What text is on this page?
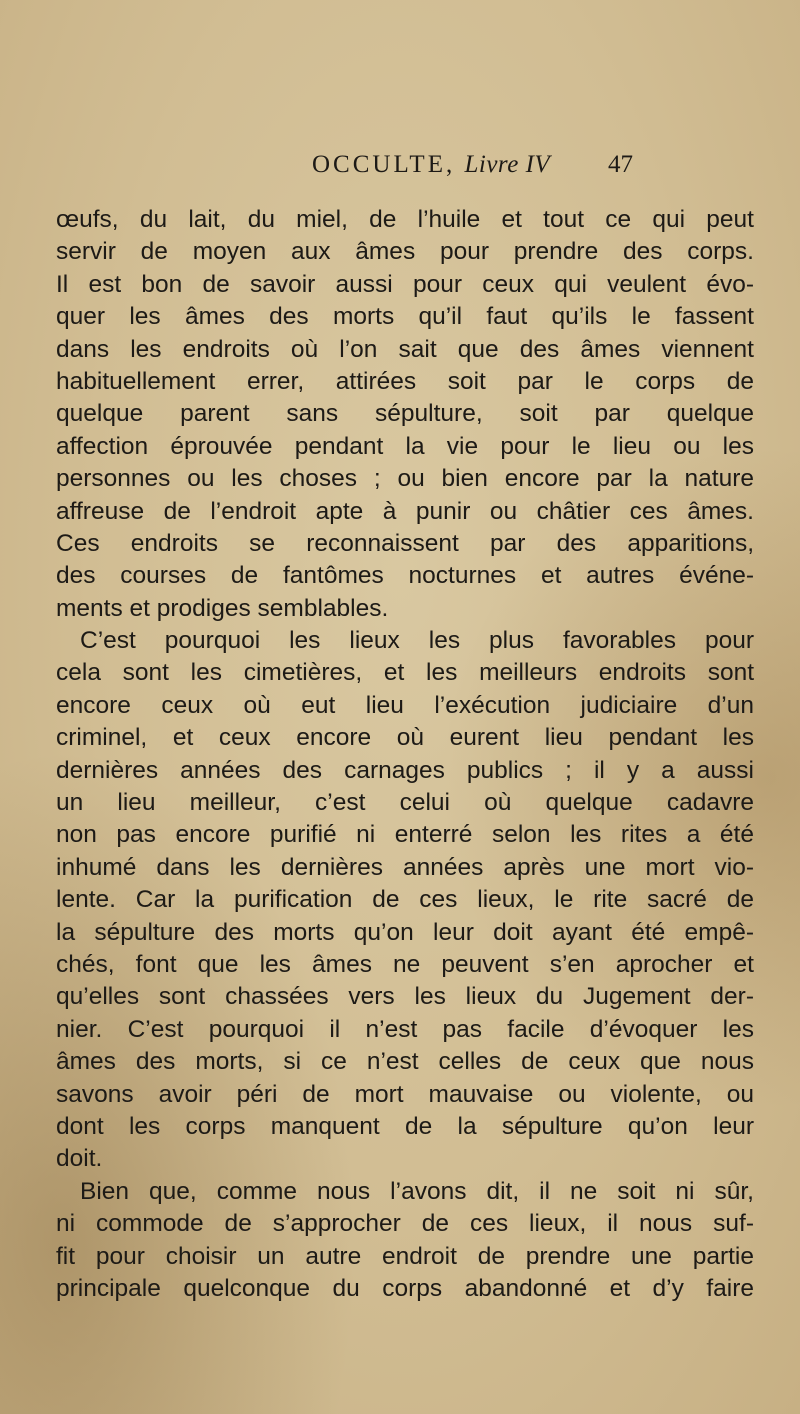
OCCULTE, Livre IV 47
œufs, du lait, du miel, de l’huile et tout ce qui peut
servir de moyen aux âmes pour prendre des corps.
Il est bon de savoir aussi pour ceux qui veulent évo-
quer les âmes des morts qu’il faut qu’ils le fassent
dans les endroits où l’on sait que des âmes viennent
habituellement errer, attirées soit par le corps de
quelque parent sans sépulture, soit par quelque
affection éprouvée pendant la vie pour le lieu ou les
personnes ou les choses ; ou bien encore par la nature
affreuse de l’endroit apte à punir ou châtier ces âmes.
Ces endroits se reconnaissent par des apparitions,
des courses de fantômes nocturnes et autres événe-
ments et prodiges semblables.
C’est pourquoi les lieux les plus favorables pour
cela sont les cimetières, et les meilleurs endroits sont
encore ceux où eut lieu l’exécution judiciaire d’un
criminel, et ceux encore où eurent lieu pendant les
dernières années des carnages publics ; il y a aussi
un lieu meilleur, c’est celui où quelque cadavre
non pas encore purifié ni enterré selon les rites a été
inhumé dans les dernières années après une mort vio-
lente. Car la purification de ces lieux, le rite sacré de
la sépulture des morts qu’on leur doit ayant été empê-
chés, font que les âmes ne peuvent s’en aprocher et
qu’elles sont chassées vers les lieux du Jugement der-
nier. C’est pourquoi il n’est pas facile d’évoquer les
âmes des morts, si ce n’est celles de ceux que nous
savons avoir péri de mort mauvaise ou violente, ou
dont les corps manquent de la sépulture qu’on leur
doit.
Bien que, comme nous l’avons dit, il ne soit ni sûr,
ni commode de s’approcher de ces lieux, il nous suf-
fit pour choisir un autre endroit de prendre une partie
principale quelconque du corps abandonné et d’y faire
